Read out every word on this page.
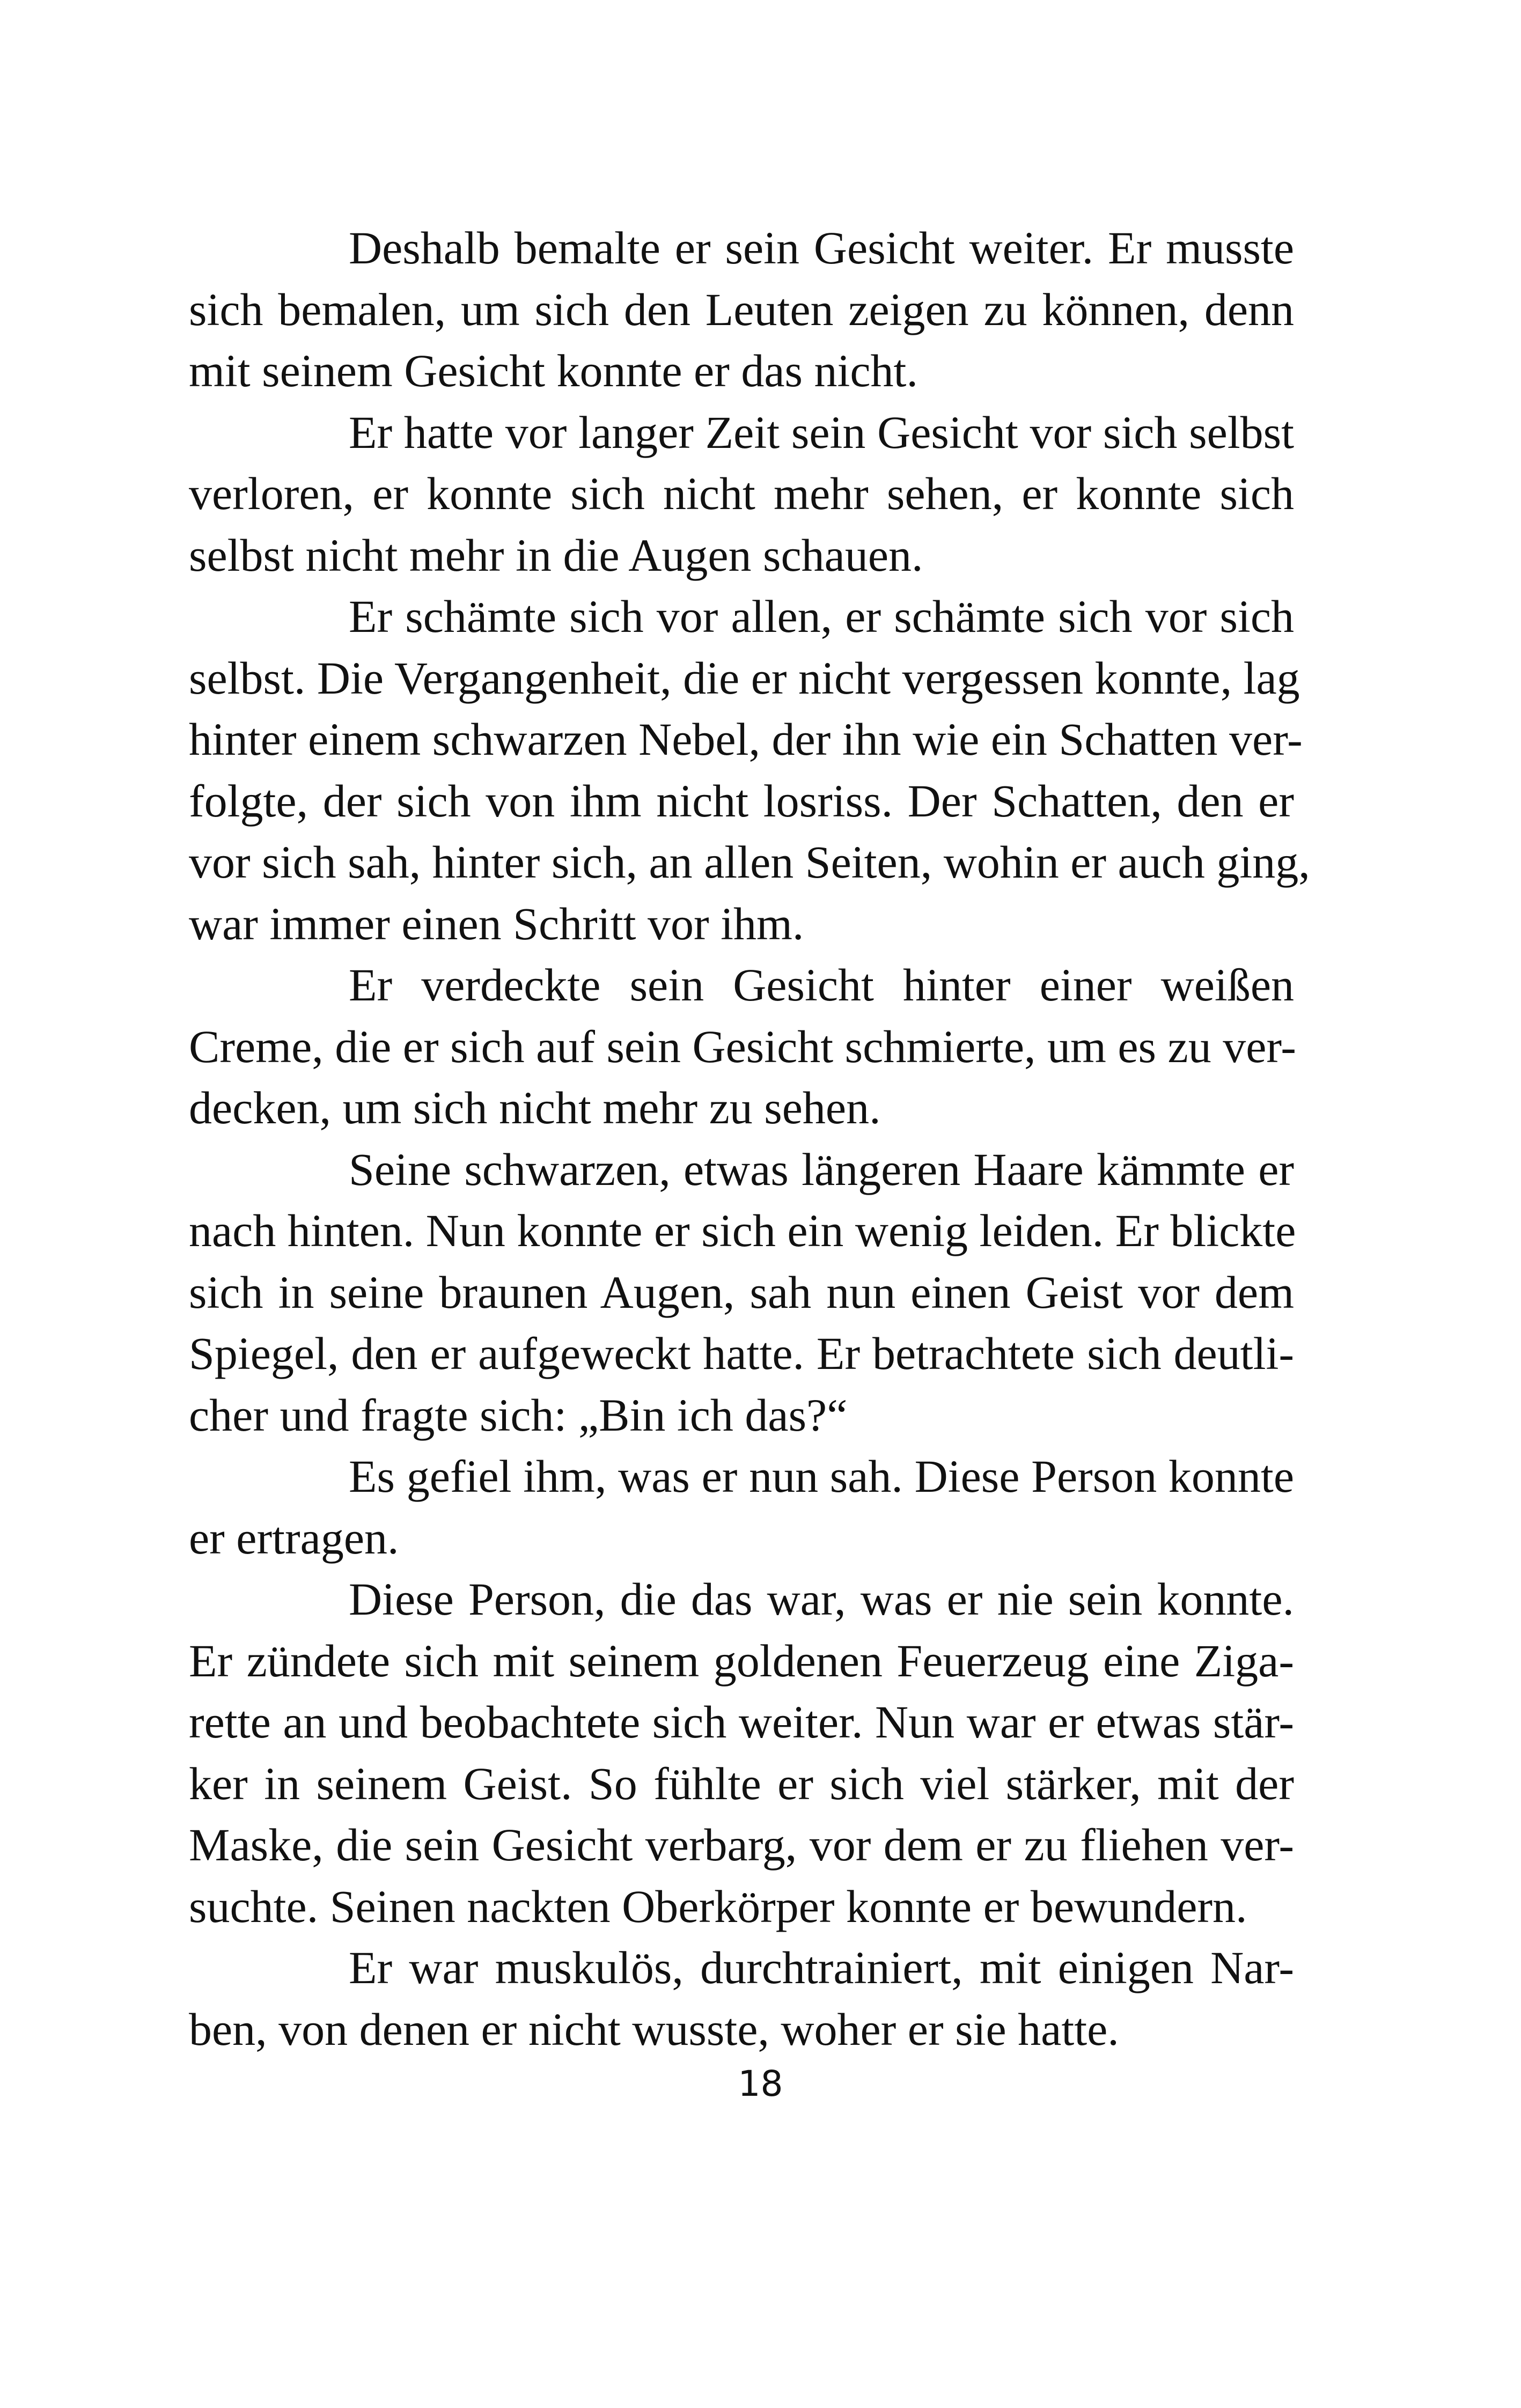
Deshalb bemalte er sein Gesicht weiter. Er musste
sich bemalen, um sich den Leuten zeigen zu können, denn
mit seinem Gesicht konnte er das nicht.
Er hatte vor langer Zeit sein Gesicht vor sich selbst
verloren, er konnte sich nicht mehr sehen, er konnte sich
selbst nicht mehr in die Augen schauen.
Er schämte sich vor allen, er schämte sich vor sich
selbst. Die Vergangenheit, die er nicht vergessen konnte, lag
hinter einem schwarzen Nebel, der ihn wie ein Schatten ver-
folgte, der sich von ihm nicht losriss. Der Schatten, den er
vor sich sah, hinter sich, an allen Seiten, wohin er auch ging,
war immer einen Schritt vor ihm.
Er verdeckte sein Gesicht hinter einer weißen
Creme, die er sich auf sein Gesicht schmierte, um es zu ver-
decken, um sich nicht mehr zu sehen.
Seine schwarzen, etwas längeren Haare kämmte er
nach hinten. Nun konnte er sich ein wenig leiden. Er blickte
sich in seine braunen Augen, sah nun einen Geist vor dem
Spiegel, den er aufgeweckt hatte. Er betrachtete sich deutli-
cher und fragte sich: „Bin ich das?“
Es gefiel ihm, was er nun sah. Diese Person konnte
er ertragen.
Diese Person, die das war, was er nie sein konnte.
Er zündete sich mit seinem goldenen Feuerzeug eine Ziga-
rette an und beobachtete sich weiter. Nun war er etwas stär-
ker in seinem Geist. So fühlte er sich viel stärker, mit der
Maske, die sein Gesicht verbarg, vor dem er zu fliehen ver-
suchte. Seinen nackten Oberkörper konnte er bewundern.
Er war muskulös, durchtrainiert, mit einigen Nar-
ben, von denen er nicht wusste, woher er sie hatte.
18
